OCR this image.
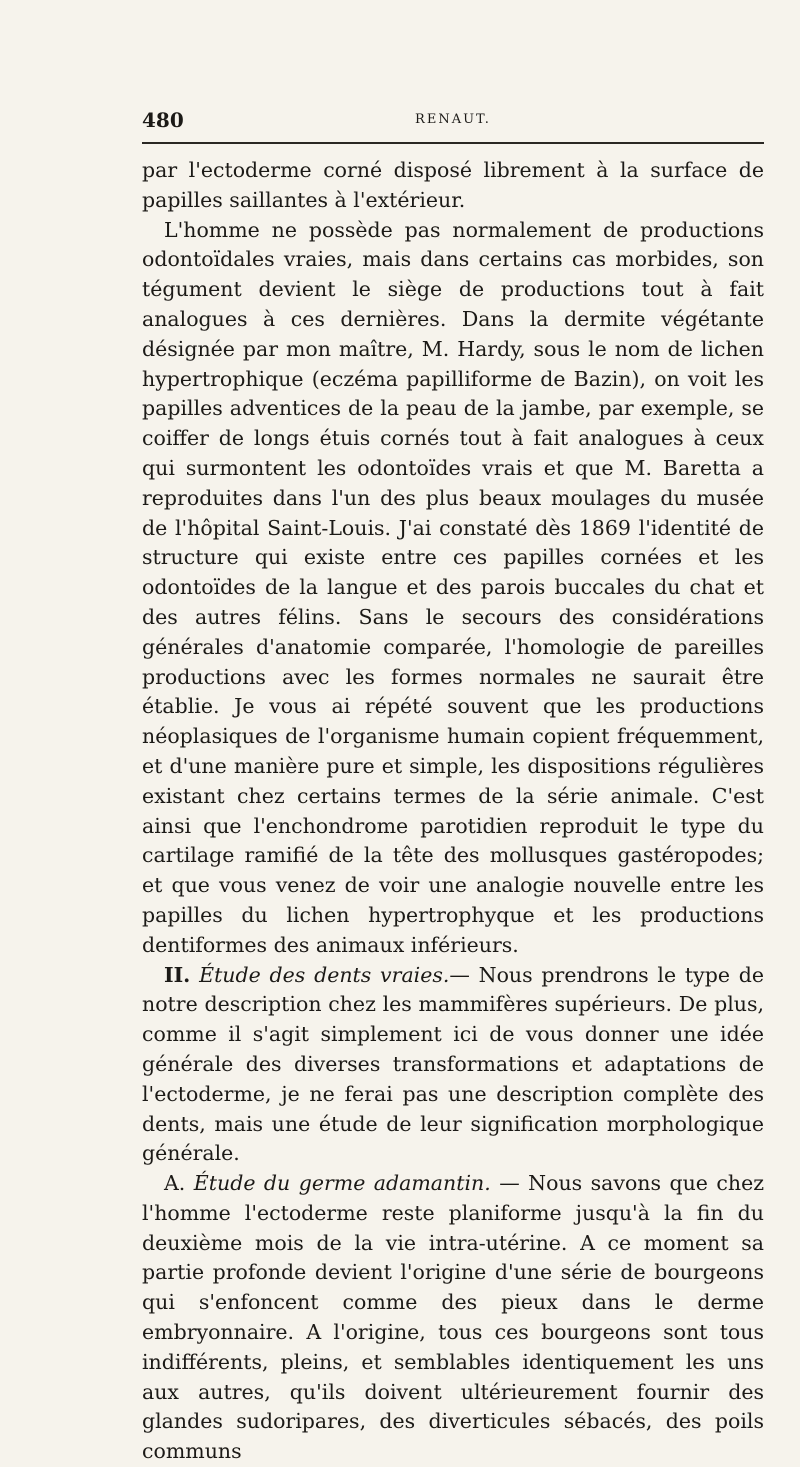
480	RENAUT.

par l'ectoderme corné disposé librement à la surface de papilles saillantes à l'extérieur.

L'homme ne possède pas normalement de productions odontoïdales vraies, mais dans certains cas morbides, son tégument devient le siège de productions tout à fait analogues à ces dernières. Dans la dermite végétante désignée par mon maître, M. Hardy, sous le nom de lichen hypertrophique (eczéma papilliforme de Bazin), on voit les papilles adventices de la peau de la jambe, par exemple, se coiffer de longs étuis cornés tout à fait analogues à ceux qui surmontent les odontoïdes vrais et que M. Baretta a reproduites dans l'un des plus beaux moulages du musée de l'hôpital Saint-Louis. J'ai constaté dès 1869 l'identité de structure qui existe entre ces papilles cornées et les odontoïdes de la langue et des parois buccales du chat et des autres félins. Sans le secours des considérations générales d'anatomie comparée, l'homologie de pareilles productions avec les formes normales ne saurait être établie. Je vous ai répété souvent que les productions néoplasiques de l'organisme humain copient fréquemment, et d'une manière pure et simple, les dispositions régulières existant chez certains termes de la série animale. C'est ainsi que l'enchondrome parotidien reproduit le type du cartilage ramifié de la tête des mollusques gastéropodes; et que vous venez de voir une analogie nouvelle entre les papilles du lichen hypertrophyque et les productions dentiformes des animaux inférieurs.

II. Étude des dents vraies.— Nous prendrons le type de notre description chez les mammifères supérieurs. De plus, comme il s'agit simplement ici de vous donner une idée générale des diverses transformations et adaptations de l'ectoderme, je ne ferai pas une description complète des dents, mais une étude de leur signification morphologique générale.

A. Étude du germe adamantin. — Nous savons que chez l'homme l'ectoderme reste planiforme jusqu'à la fin du deuxième mois de la vie intra-utérine. A ce moment sa partie profonde devient l'origine d'une série de bourgeons qui s'enfoncent comme des pieux dans le derme embryonnaire. A l'origine, tous ces bourgeons sont tous indifférents, pleins, et semblables identiquement les uns aux autres, qu'ils doivent ultérieurement fournir des glandes sudoripares, des diverticules sébacés, des poils communs
